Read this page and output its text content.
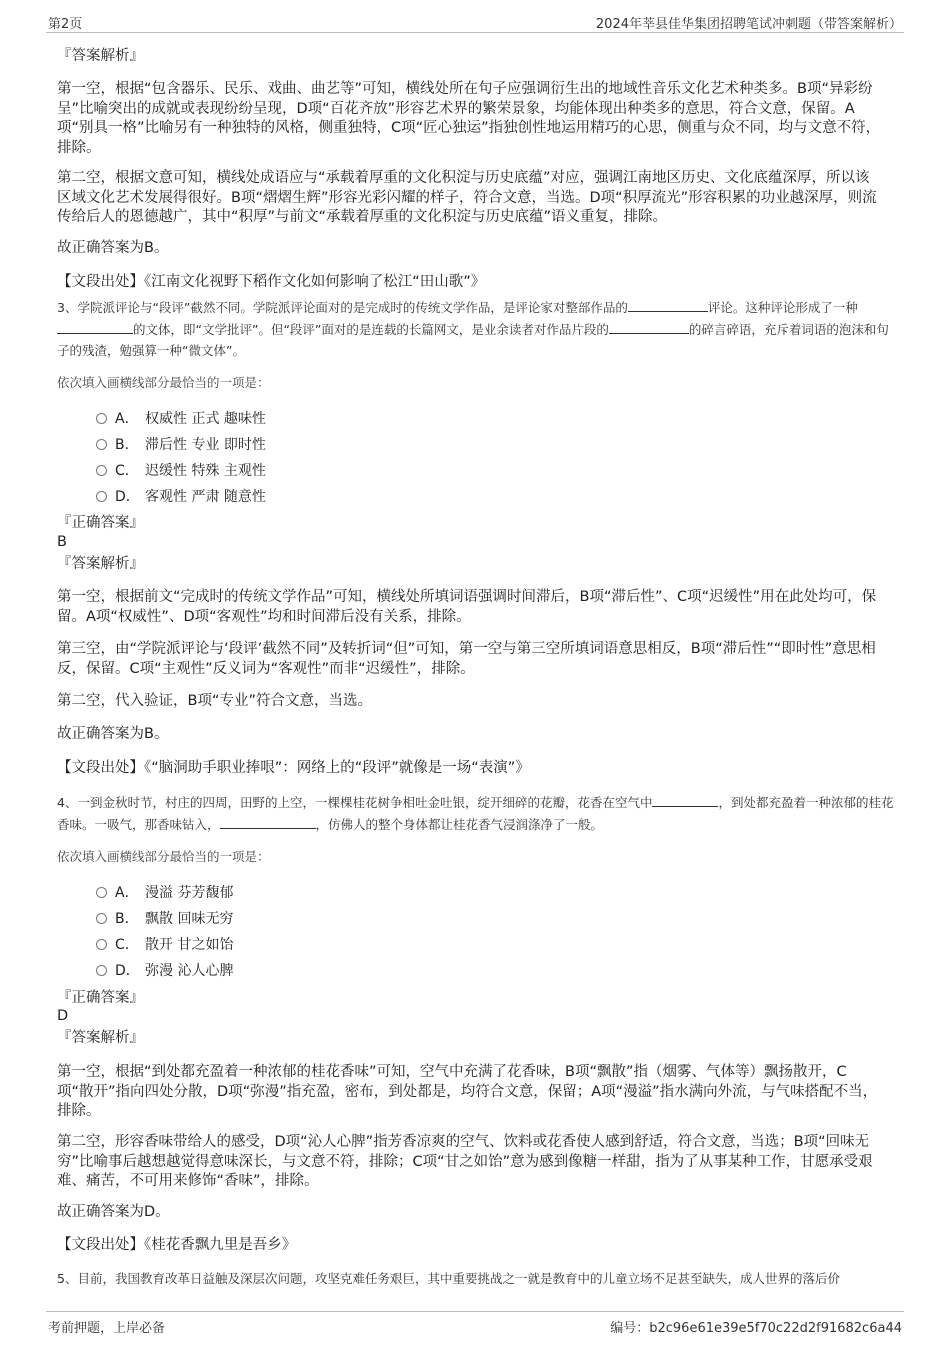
第2页	2024年莘县佳华集团招聘笔试冲刺题（带答案解析）
『答案解析』
第一空，根据“包含器乐、民乐、戏曲、曲艺等”可知，横线处所在句子应强调衍生出的地域性音乐文化艺术种类多。B项“异彩纷呈”比喻突出的成就或表现纷纷呈现，D项“百花齐放”形容艺术界的繁荣景象，均能体现出种类多的意思，符合文意，保留。A项“别具一格”比喻另有一种独特的风格，侧重独特，C项“匠心独运”指独创性地运用精巧的心思，侧重与众不同，均与文意不符，排除。
第二空，根据文意可知，横线处成语应与“承载着厚重的文化积淀与历史底蕴”对应，强调江南地区历史、文化底蕴深厚，所以该区域文化艺术发展得很好。B项“熠熠生辉”形容光彩闪耀的样子，符合文意，当选。D项“积厚流光”形容积累的功业越深厚，则流传给后人的恩德越广，其中“积厚”与前文“承载着厚重的文化积淀与历史底蕴”语义重复，排除。
故正确答案为B。
【文段出处】《江南文化视野下稻作文化如何影响了松江“田山歌”》
3、学院派评论与“段评”截然不同。学院派评论面对的是完成时的传统文学作品，是评论家对整部作品的	评论。这种评论形成了一种的文体，即“文学批评”。但“段评”面对的是连载的长篇网文，是业余读者对作品片段的	的碎言碎语，充斥着词语的泡沫和句子的残渣，勉强算一种“微文体”。
依次填入画横线部分最恰当的一项是：
A． 权威性 正式 趣味性
B． 滞后性 专业 即时性
C． 迟缓性 特殊 主观性
D． 客观性 严肃 随意性
『正确答案』
B
『答案解析』
第一空，根据前文“完成时的传统文学作品”可知，横线处所填词语强调时间滞后，B项“滞后性”、C项“迟缓性”用在此处均可，保留。A项“权威性”、D项“客观性”均和时间滞后没有关系，排除。
第三空，由“学院派评论与‘段评’截然不同”及转折词“但”可知，第一空与第三空所填词语意思相反，B项“滞后性”“即时性”意思相反，保留。C项“主观性”反义词为“客观性”而非“迟缓性”，排除。
第二空，代入验证，B项“专业”符合文意，当选。
故正确答案为B。
【文段出处】《“脑洞助手职业捧哏”：网络上的“段评”就像是一场“表演”》
4、一到金秋时节，村庄的四周，田野的上空，一棵棵桂花树争相吐金吐银，绽开细碎的花瓣，花香在空气中	，到处都充盈着一种浓郁的桂花香味。一吸气，那香味钻入，	，仿佛人的整个身体都让桂花香气浸润涤净了一般。
依次填入画横线部分最恰当的一项是：
A． 漫溢 芬芳馥郁
B． 飘散 回味无穷
C． 散开 甘之如饴
D． 弥漫 沁人心脾
『正确答案』
D
『答案解析』
第一空，根据“到处都充盈着一种浓郁的桂花香味”可知，空气中充满了花香味，B项“飘散”指（烟雾、气体等）飘扬散开，C项“散开”指向四处分散，D项“弥漫”指充盈，密布，到处都是，均符合文意，保留；A项“漫溢”指水满向外流，与气味搭配不当，排除。
第二空，形容香味带给人的感受，D项“沁人心脾”指芳香凉爽的空气、饮料或花香使人感到舒适，符合文意，当选；B项“回味无穷”比喻事后越想越觉得意味深长，与文意不符，排除；C项“甘之如饴”意为感到像糖一样甜，指为了从事某种工作，甘愿承受艰难、痛苦，不可用来修饰“香味”，排除。
故正确答案为D。
【文段出处】《桂花香飘九里是吾乡》
5、目前，我国教育改革日益触及深层次问题，攻坚克难任务艰巨，其中重要挑战之一就是教育中的儿童立场不足甚至缺失，成人世界的落后价
考前押题，上岸必备	编号：b2c96e61e39e5f70c22d2f91682c6a44
